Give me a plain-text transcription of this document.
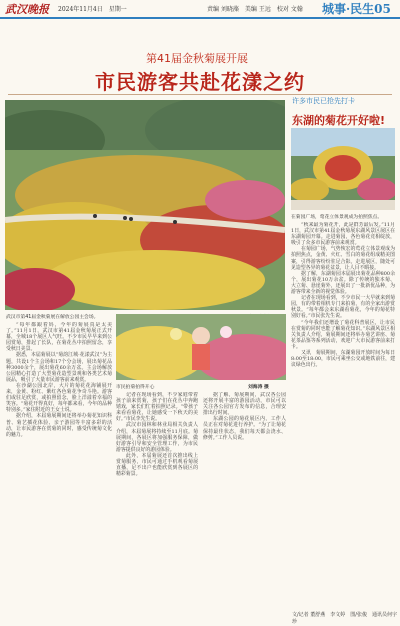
武汉晚报 2024年11月4日　星期一	责编 刘晓藻　美编 王远　校对 文翰 城事·民生05
第41届金秋菊展开展
市民游客共赴花漾之约
武汉市第41届金秋菊展在解放公园主会场。
许多市民已抢先打卡
东湖的菊花开好啦!
在菊园广场，莺花立体景观成为拍照焦点。

“每年都跟着妈，今年的菊展真是太美了。”11月1日，武汉市第41届金秋菊展正式开幕，全城18个展区人气旺。不少市民早早来到公园赏菊，排起了长队，在菊花丛中拍照留念，享受秋日美景。

据悉，本届菊展以“菊韵江城·花漾武汉”为主题，共设1个主会场和17个分会场，展出菊花品种3000余个，展出菊花60余万盆。主会场解放公园精心打造了大型菊花造型景观和各类艺术菊展品，吸引了大量市民游客前来观赏。

在沙湖公园北岸，大片的菊花花海铺展开来，金黄、粉红、紫红各色菊花争奇斗艳。游客们或驻足欣赏，或拍照留念，脸上洋溢着幸福的笑容。“菊花开得真好，每年都来看，今年的品种特别多。”家住附近的王女士说。

据介绍，本届菊展期间还将举办菊花知识科普、菊艺插花体验、亲子游园等丰富多彩的活动，让市民游客在赏菊的同时，感受传统菊文化的魅力。

市民拍菊拍得开心	刘海涛 摄

记者在现场看到，不少家庭带着孩子前来赏菊，孩子们在花丛中奔跑嬉戏，家长们忙着拍照记录。“带孩子来看看菊花，让她感受一下秋天的美好。”市民李先生说。

武汉市园林和林业局相关负责人介绍，本届菊展将持续至11月底。菊展期间，各展区将加强服务保障，做好游客引导和安全管理工作，为市民游客提供良好的游园体验。

此外，本届菊展还首次推出线上赏菊服务，市民可通过手机观看菊展直播，足不出户也能欣赏到各展区的精彩菊景。

据了解，菊展期间，武汉各公园还将开展丰富的游园活动，市民可以关注各公园官方发布的信息，合理安排出行时间。

东湖公园的菊花展区内，工作人员正在对菊花进行养护。“为了让菊花保持最佳状态，我们每天都会浇水、修剪。”工作人员说。

“秋来最为菊花开，此是群芳最后发。”11月1日，武汉市第41届金秋菊展东湖风景区展区在东湖菊园开幕。走进菊园，各色菊花竞相绽放，吸引了众多市民游客前来观赏。

在菊园广场，气势恢宏的莺花立体景观成为拍照焦点，金黄、火红、雪白的菊花组成精美图案，引得游客纷纷驻足合影。走进展区，随处可见造型各异的菊花盆景，让人目不暇接。

据了解，东湖菊园本届展出菊花品种800余个，展出菊花10万余盆。除了传统的独本菊、大立菊、悬崖菊外，还展出了一批新优品种，为游客带来全新的视觉体验。

记者在现场看到，不少市民一大早就来到菊园，有的带着相机专门来拍菊，有的全家出游赏秋景。“每年都会来东湖看菊花，今年的菊花特别好看。”市民张先生说。

“今年我们还增设了菊花科普展区，让市民在赏菊的同时也能了解菊花知识。”东湖风景区相关负责人介绍，菊展期间还将举办菊艺讲座、菊花茶品鉴等系列活动，欢迎广大市民游客前来打卡。

又讯　菊展期间，东湖菊园开放时间为每日8:00至18:00，市民可乘坐公交或地铁前往，建议绿色出行。

文/记者 董舒燕　李文婷　图/张俊　通讯员何宇珍
